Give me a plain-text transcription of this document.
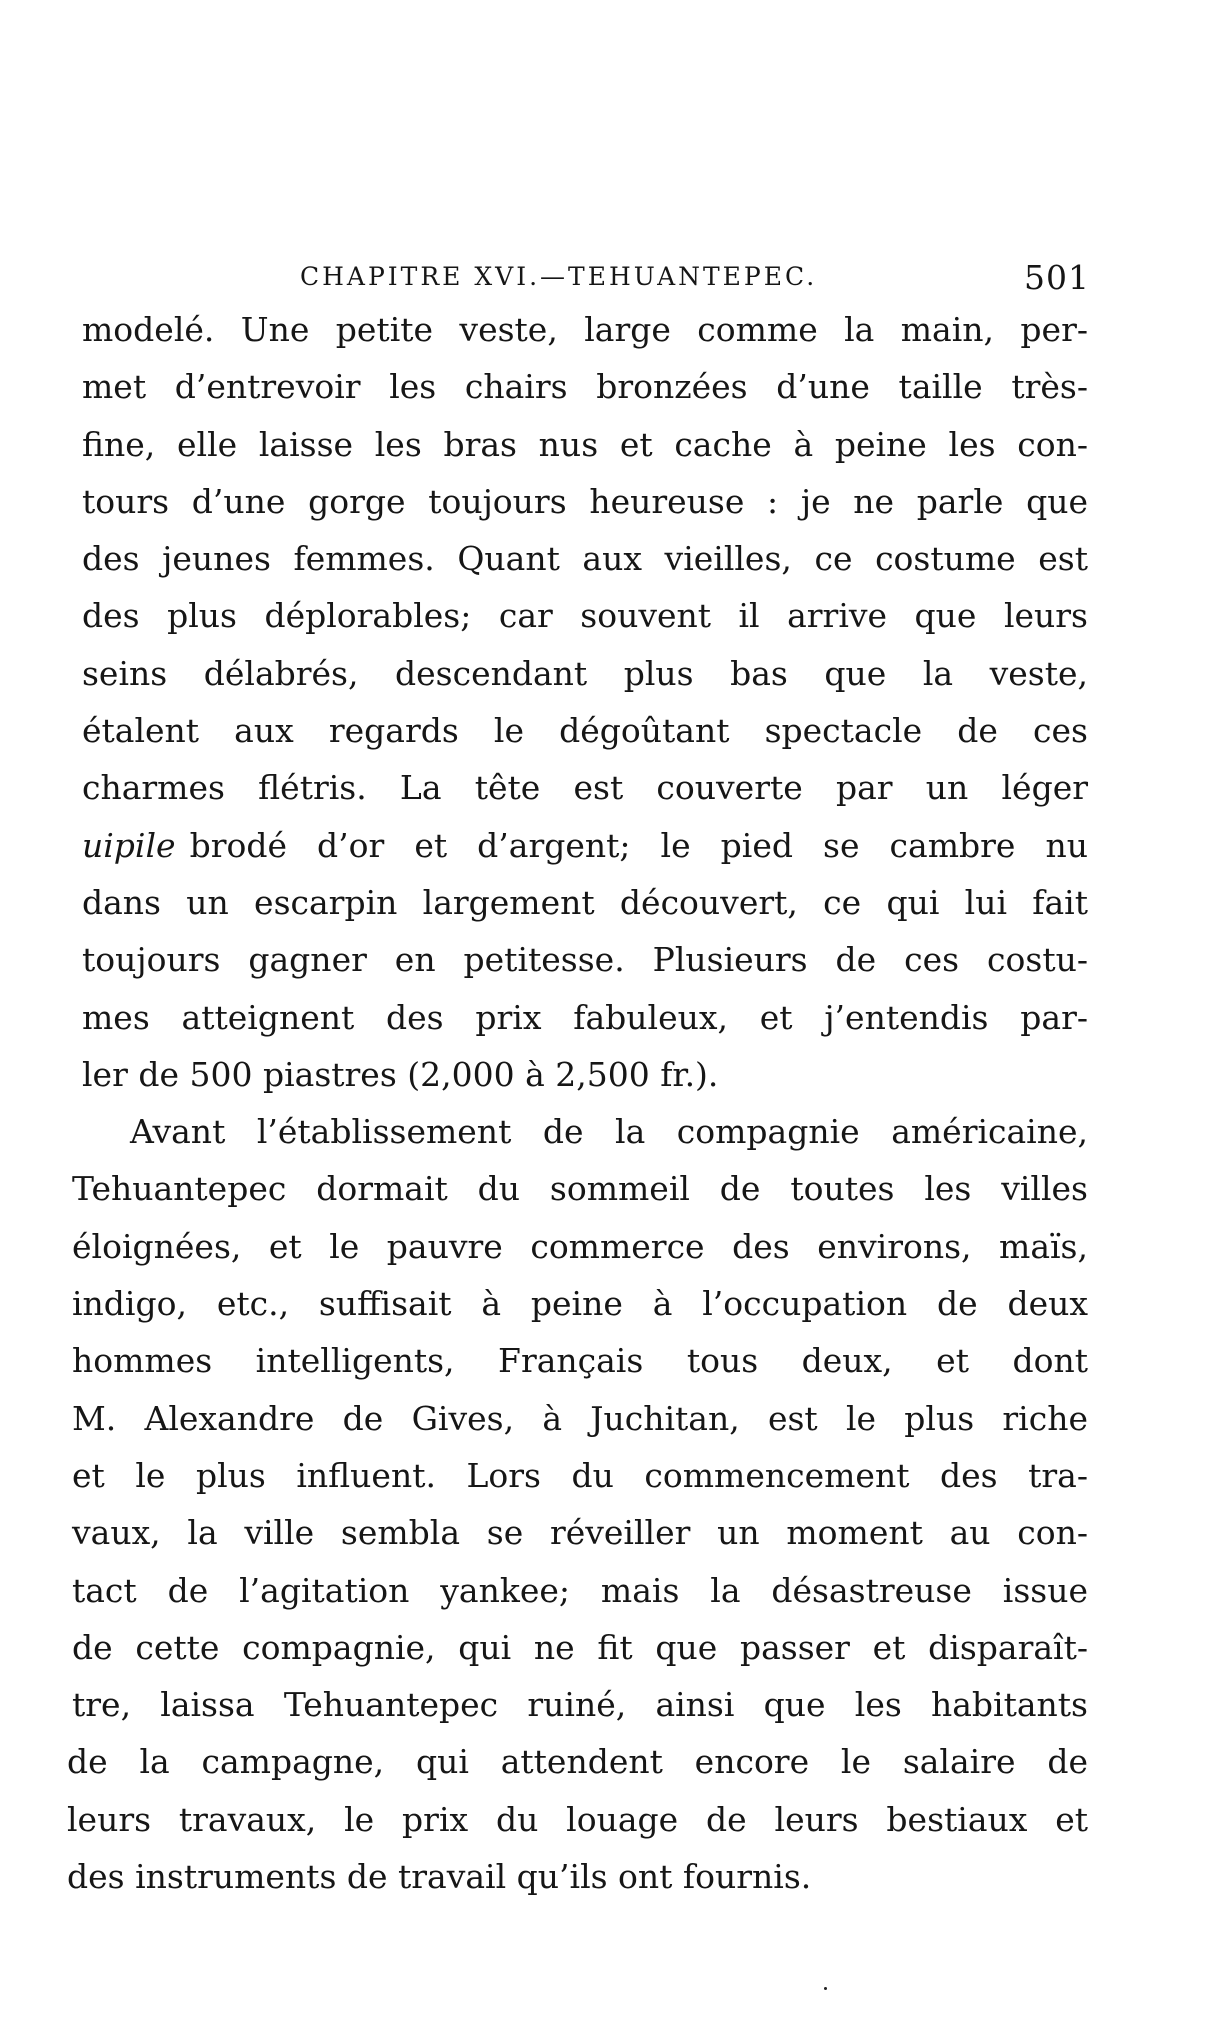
CHAPITRE XVI.—TEHUANTEPEC.	501
modelé. Une petite veste, large comme la main, per-
met d’entrevoir les chairs bronzées d’une taille très-
fine, elle laisse les bras nus et cache à peine les con-
tours d’une gorge toujours heureuse : je ne parle que
des jeunes femmes. Quant aux vieilles, ce costume est
des plus déplorables; car souvent il arrive que leurs
seins délabrés, descendant plus bas que la veste,
étalent aux regards le dégoûtant spectacle de ces
charmes flétris. La tête est couverte par un léger
uipile brodé d’or et d’argent; le pied se cambre nu
dans un escarpin largement découvert, ce qui lui fait
toujours gagner en petitesse. Plusieurs de ces costu-
mes atteignent des prix fabuleux, et j’entendis par-
ler de 500 piastres (2,000 à 2,500 fr.).
Avant l’établissement de la compagnie américaine,
Tehuantepec dormait du sommeil de toutes les villes
éloignées, et le pauvre commerce des environs, maïs,
indigo, etc., suffisait à peine à l’occupation de deux
hommes intelligents, Français tous deux, et dont
M. Alexandre de Gives, à Juchitan, est le plus riche
et le plus influent. Lors du commencement des tra-
vaux, la ville sembla se réveiller un moment au con-
tact de l’agitation yankee; mais la désastreuse issue
de cette compagnie, qui ne fit que passer et disparaît-
tre, laissa Tehuantepec ruiné, ainsi que les habitants
de la campagne, qui attendent encore le salaire de
leurs travaux, le prix du louage de leurs bestiaux et
des instruments de travail qu’ils ont fournis.
